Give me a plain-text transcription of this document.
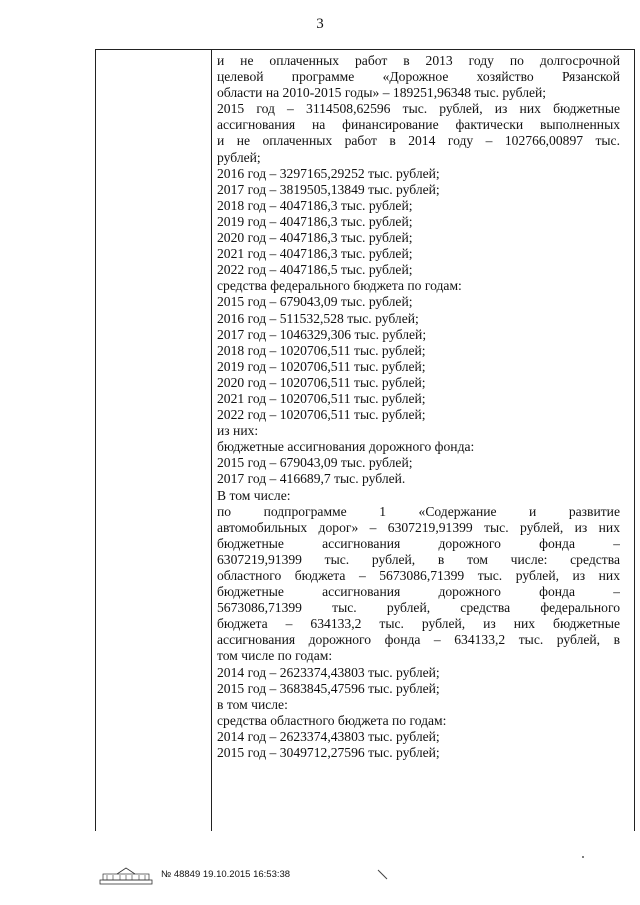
3
и не оплаченных работ в 2013 году по долгосрочной
целевой программе «Дорожное хозяйство Рязанской
области на 2010-2015 годы» – 189251,96348 тыс. рублей;
2015 год – 3114508,62596 тыс. рублей, из них бюджетные
ассигнования на финансирование фактически выполненных
и не оплаченных работ в 2014 году – 102766,00897 тыс.
рублей;
2016 год – 3297165,29252 тыс. рублей;
2017 год – 3819505,13849 тыс. рублей;
2018 год – 4047186,3 тыс. рублей;
2019 год – 4047186,3 тыс. рублей;
2020 год – 4047186,3 тыс. рублей;
2021 год – 4047186,3 тыс. рублей;
2022 год – 4047186,5 тыс. рублей;
средства федерального бюджета по годам:
2015 год – 679043,09 тыс. рублей;
2016 год – 511532,528 тыс. рублей;
2017 год – 1046329,306 тыс. рублей;
2018 год – 1020706,511 тыс. рублей;
2019 год – 1020706,511 тыс. рублей;
2020 год – 1020706,511 тыс. рублей;
2021 год – 1020706,511 тыс. рублей;
2022 год – 1020706,511 тыс. рублей;
из них:
бюджетные ассигнования дорожного фонда:
2015 год – 679043,09 тыс. рублей;
2017 год – 416689,7 тыс. рублей.
В том числе:
по подпрограмме 1 «Содержание и развитие
автомобильных дорог» – 6307219,91399 тыс. рублей, из них
бюджетные ассигнования дорожного фонда –
6307219,91399 тыс. рублей, в том числе: средства
областного бюджета – 5673086,71399 тыс. рублей, из них
бюджетные ассигнования дорожного фонда –
5673086,71399 тыс. рублей, средства федерального
бюджета – 634133,2 тыс. рублей, из них бюджетные
ассигнования дорожного фонда – 634133,2 тыс. рублей, в
том числе по годам:
2014 год – 2623374,43803 тыс. рублей;
2015 год – 3683845,47596 тыс. рублей;
в том числе:
средства областного бюджета по годам:
2014 год – 2623374,43803 тыс. рублей;
2015 год – 3049712,27596 тыс. рублей;
№ 48849 19.10.2015 16:53:38
